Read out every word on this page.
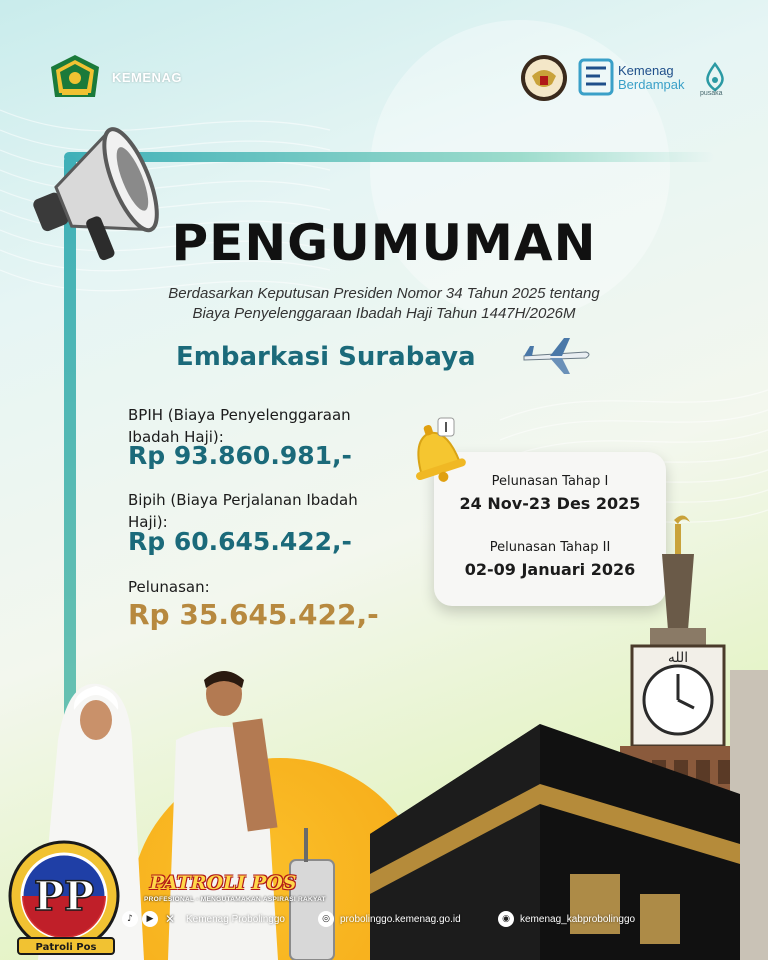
KEMENAG	Kemenag
Berdampak
pusaka
PENGUMUMAN
Berdasarkan Keputusan Presiden Nomor 34 Tahun 2025 tentang
Biaya Penyelenggaraan Ibadah Haji Tahun 1447H/2026M
Embarkasi Surabaya
BPIH (Biaya Penyelenggaraan Ibadah Haji):
Rp 93.860.981,-
Bipih (Biaya Perjalanan Ibadah Haji):
Rp 60.645.422,-
Pelunasan:
Rp 35.645.422,-
Pelunasan Tahap I
24 Nov-23 Des 2025
Pelunasan Tahap II
02-09 Januari 2026
الله
PP
Patroli Pos
PATROLI POS
PROFESIONAL - MENGUTAMAKAN ASPIRASI RAKYAT
♪	▶ ✕ Kemenag Probolinggo	◎	probolinggo.kemenag.go.id	◉	kemenag_kabprobolinggo
